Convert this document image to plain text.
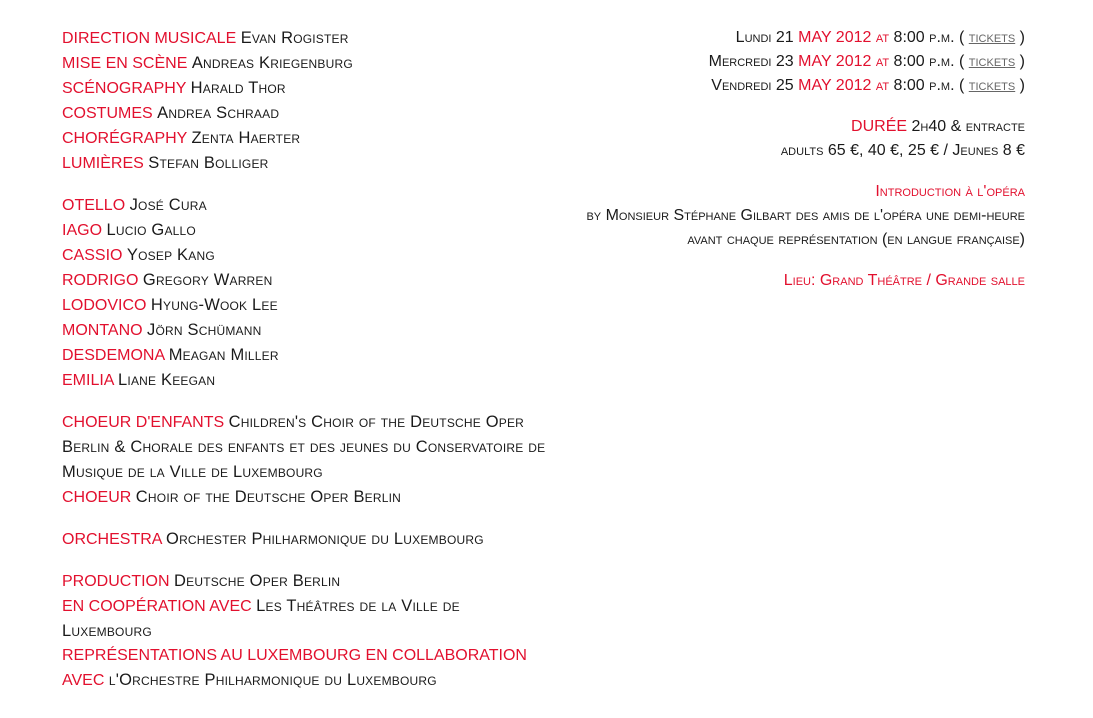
DIRECTION MUSICALE Evan Rogister
MISE EN SCÈNE Andreas Kriegenburg
SCÉNOGRAPHY Harald Thor
COSTUMES Andrea Schraad
CHORÉGRAPHY Zenta Haerter
LUMIÈRES Stefan Bolliger
OTELLO José Cura
IAGO Lucio Gallo
CASSIO Yosep Kang
RODRIGO Gregory Warren
LODOVICO Hyung-Wook Lee
MONTANO Jörn Schümann
DESDEMONA Meagan Miller
EMILIA Liane Keegan
CHOEUR D'ENFANTS Children's Choir of the Deutsche Oper Berlin & Chorale des enfants et des jeunes du Conservatoire de Musique de la Ville de Luxembourg
CHOEUR Choir of the Deutsche Oper Berlin
ORCHESTRA Orchester Philharmonique du Luxembourg
PRODUCTION Deutsche Oper Berlin
EN COOPÉRATION AVEC Les Théâtres de la Ville de Luxembourg
REPRÉSENTATIONS AU LUXEMBOURG EN COLLABORATION AVEC l'Orchestre Philharmonique du Luxembourg
Lundi 21 MAY 2012 at 8:00 p.m. ( tickets )
Mercredi 23 MAY 2012 at 8:00 p.m. ( tickets )
Vendredi 25 MAY 2012 at 8:00 p.m. ( tickets )
DURÉE 2h40 & entracte
adults 65 €, 40 €, 25 € / Jeunes 8 €
Introduction à l'opéra
by Monsieur Stéphane Gilbart des amis de l'opéra une demi-heure avant chaque représentation (en langue française)
Lieu: Grand Théâtre / Grande salle
